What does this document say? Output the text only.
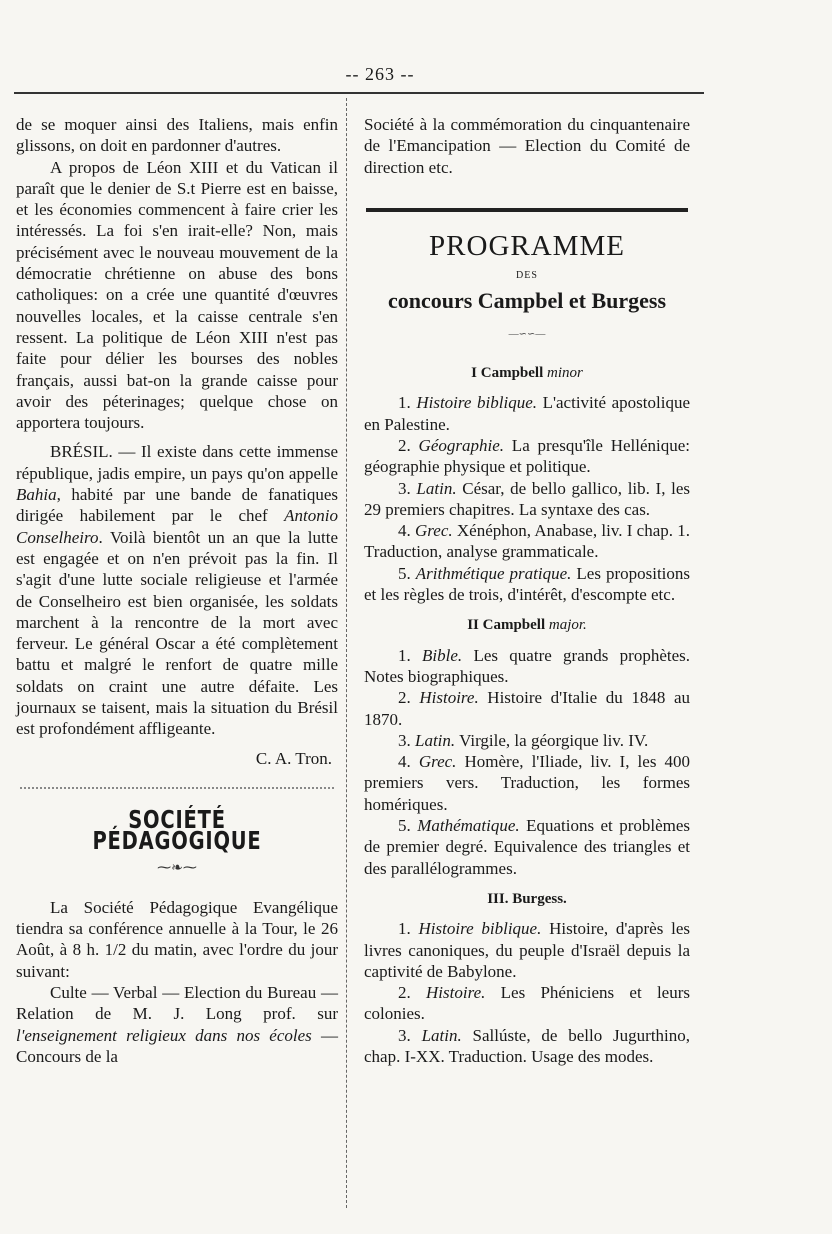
-- 263 --

de se moquer ainsi des Italiens, mais enfin glissons, on doit en pardonner d'autres.

A propos de Léon XIII et du Vatican il paraît que le denier de S.t Pierre est en baisse, et les économies commencent à faire crier les intéressés. La foi s'en irait-elle? Non, mais précisément avec le nouveau mouvement de la démocratie chrétienne on abuse des bons catholiques: on a crée une quantité d'œuvres nouvelles locales, et la caisse centrale s'en ressent. La politique de Léon XIII n'est pas faite pour délier les bourses des nobles français, aussi bat-on la grande caisse pour avoir des péterinages; quelque chose on apportera toujours.

BRÉSIL. — Il existe dans cette immense république, jadis empire, un pays qu'on appelle Bahia, habité par une bande de fanatiques dirigée habilement par le chef Antonio Conselheiro. Voilà bientôt un an que la lutte est engagée et on n'en prévoit pas la fin. Il s'agit d'une lutte sociale religieuse et l'armée de Conselheiro est bien organisée, les soldats marchent à la rencontre de la mort avec ferveur. Le général Oscar a été complètement battu et malgré le renfort de quatre mille soldats on craint une autre défaite. Les journaux se taisent, mais la situation du Brésil est profondément affligeante.

C. A. Tron.

SOCIÉTÉ PÉDAGOGIQUE
⁓❧⁓

La Société Pédagogique Evangélique tiendra sa conférence annuelle à la Tour, le 26 Août, à 8 h. 1/2 du matin, avec l'ordre du jour suivant:

Culte — Verbal — Election du Bureau — Relation de M. J. Long prof. sur l'enseignement religieux dans nos écoles — Concours de la

Société à la commémoration du cinquantenaire de l'Emancipation — Election du Comité de direction etc.

PROGRAMME
DES
concours Campbel et Burgess
—∽∽—
I Campbell minor

1. Histoire biblique. L'activité apostolique en Palestine.

2. Géographie. La presqu'île Hellénique: géographie physique et politique.

3. Latin. César, de bello gallico, lib. I, les 29 premiers chapitres. La syntaxe des cas.

4. Grec. Xénéphon, Anabase, liv. I chap. 1. Traduction, analyse grammaticale.

5. Arithmétique pratique. Les propositions et les règles de trois, d'intérêt, d'escompte etc.

II Campbell major.

1. Bible. Les quatre grands prophètes. Notes biographiques.

2. Histoire. Histoire d'Italie du 1848 au 1870.

3. Latin. Virgile, la géorgique liv. IV.

4. Grec. Homère, l'Iliade, liv. I, les 400 premiers vers. Traduction, les formes homériques.

5. Mathématique. Equations et problèmes de premier degré. Equivalence des triangles et des parallélogrammes.

III. Burgess.

1. Histoire biblique. Histoire, d'après les livres canoniques, du peuple d'Israël depuis la captivité de Babylone.

2. Histoire. Les Phéniciens et leurs colonies.

3. Latin. Sallúste, de bello Jugurthino, chap. I-XX. Traduction. Usage des modes.
